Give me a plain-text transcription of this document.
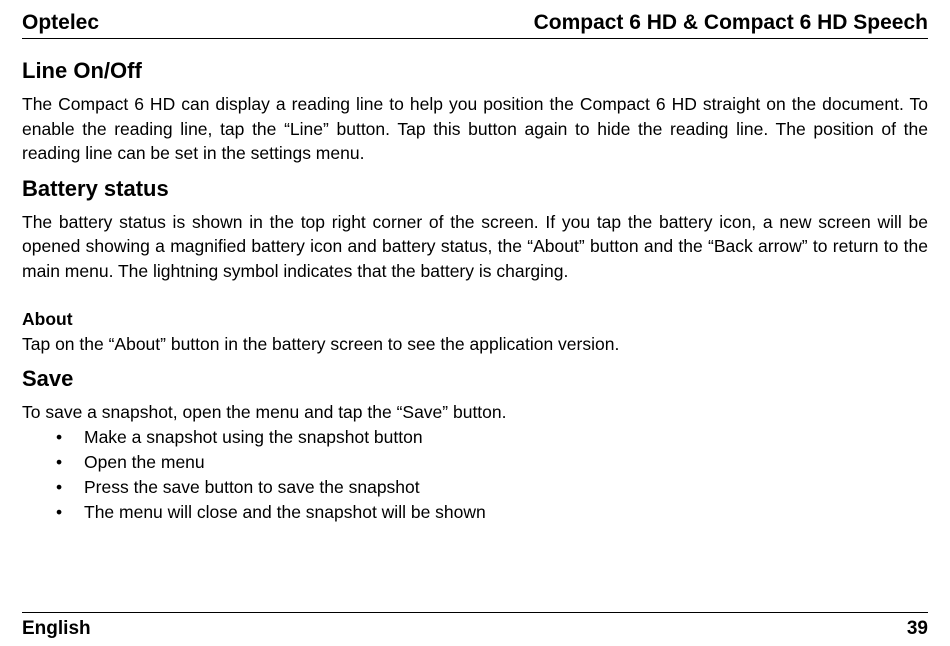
Optelec	Compact 6 HD & Compact 6 HD Speech
Line On/Off

The Compact 6 HD can display a reading line to help you position the Compact 6 HD straight on the document. To enable the reading line, tap the “Line” button. Tap this button again to hide the reading line. The position of the reading line can be set in the settings menu.

Battery status

The battery status is shown in the top right corner of the screen. If you tap the battery icon, a new screen will be opened showing a magnified battery icon and battery status, the “About” button and the “Back arrow” to return to the main menu. The lightning symbol indicates that the battery is charging.

About

Tap on the “About” button in the battery screen to see the application version.

Save

To save a snapshot, open the menu and tap the “Save” button.

• Make a snapshot using the snapshot button
• Open the menu
• Press the save button to save the snapshot
• The menu will close and the snapshot will be shown
English	39
